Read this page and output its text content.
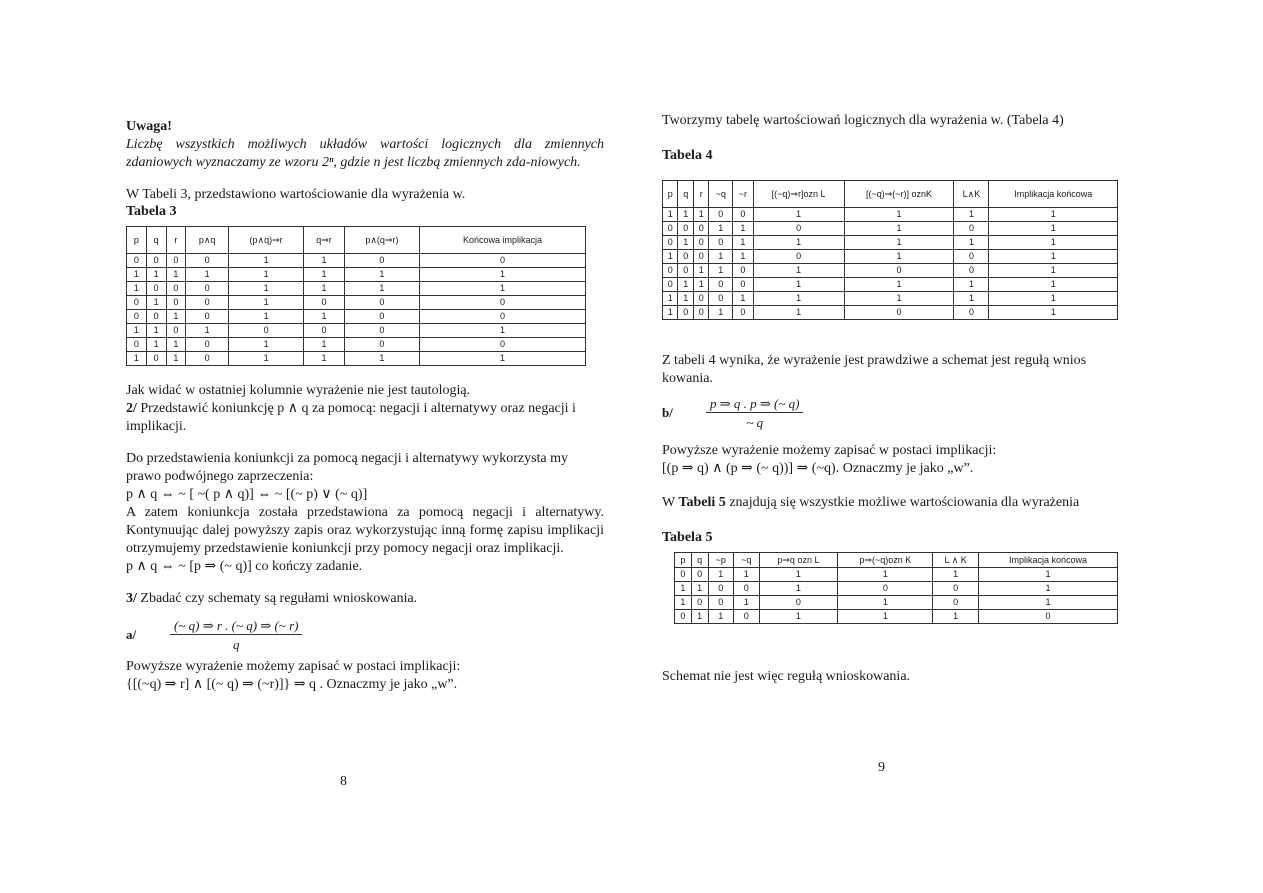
Uwaga!

Liczbę wszystkich możliwych układów wartości logicznych dla zmiennych zdaniowych wyznaczamy ze wzoru 2ⁿ, gdzie n jest liczbą zmiennych zda-niowych.

W Tabeli 3, przedstawiono wartościowanie dla wyrażenia w.

Tabela 3

p	q	r	p∧q	(p∧q)⇒r	q⇒r	p∧(q⇒r)	Końcowa implikacja
0	0	0	0	1	1	0	0
1	1	1	1	1	1	1	1
1	0	0	0	1	1	1	1
0	1	0	0	1	0	0	0
0	0	1	0	1	1	0	0
1	1	0	1	0	0	0	1
0	1	1	0	1	1	0	0
1	0	1	0	1	1	1	1

Jak widać w ostatniej kolumnie wyrażenie nie jest tautologią.

2/ Przedstawić koniunkcję p ∧ q za pomocą: negacji i alternatywy oraz negacji i implikacji.

Do przedstawienia koniunkcji za pomocą negacji i alternatywy wykorzysta my prawo podwójnego zaprzeczenia:

p ∧ q ⇔ ~ [ ~( p ∧ q)] ⇔ ~ [(~ p) ∨ (~ q)]

A zatem koniunkcja została przedstawiona za pomocą negacji i alternatywy. Kontynuując dalej powyższy zapis oraz wykorzystując inną formę zapisu implikacji otrzymujemy przedstawienie koniunkcji przy pomocy negacji oraz implikacji.

p ∧ q ⇔ ~ [p ⇒ (~ q)] co kończy zadanie.

3/ Zbadać czy schematy są regułami wnioskowania.

a/	$\frac{(\sim q) \Rightarrow r . (\sim q) \Rightarrow (\sim r)}{q}$

Powyższe wyrażenie możemy zapisać w postaci implikacji:

{[(~q) ⇒ r] ∧ [(~ q) ⇒ (~r)]} ⇒ q . Oznaczmy je jako „w”.

8

Tworzymy tabelę wartościowań logicznych dla wyrażenia w. (Tabela 4)

Tabela 4

p	q	r	~q	~r	[(~q)⇒r]ozn L	[(~q)⇒(~r)] oznK	L∧K	Implikacja końcowa
1	1	1	0	0	1	1	1	1
0	0	0	1	1	0	1	0	1
0	1	0	0	1	1	1	1	1
1	0	0	1	1	0	1	0	1
0	0	1	1	0	1	0	0	1
0	1	1	0	0	1	1	1	1
1	1	0	0	1	1	1	1	1
1	0	0	1	0	1	0	0	1

Z tabeli 4 wynika, że wyrażenie jest prawdziwe a schemat jest regułą wnios kowania.

b/	$\frac{p \Rightarrow q . p \Rightarrow (\sim q)}{\sim q}$

Powyższe wyrażenie możemy zapisać w postaci implikacji:

[(p ⇒ q) ∧ (p ⇒ (~ q))] ⇒ (~q). Oznaczmy je jako „w”.

W Tabeli 5 znajdują się wszystkie możliwe wartościowania dla wyrażenia

Tabela 5

p	q	~p	~q	p⇒q ozn L	p⇒(~q)ozn K	L ∧ K	Implikacja końcowa
0	0	1	1	1	1	1	1
1	1	0	0	1	0	0	1
1	0	0	1	0	1	0	1
0	1	1	0	1	1	1	0

Schemat nie jest więc regułą wnioskowania.

9
